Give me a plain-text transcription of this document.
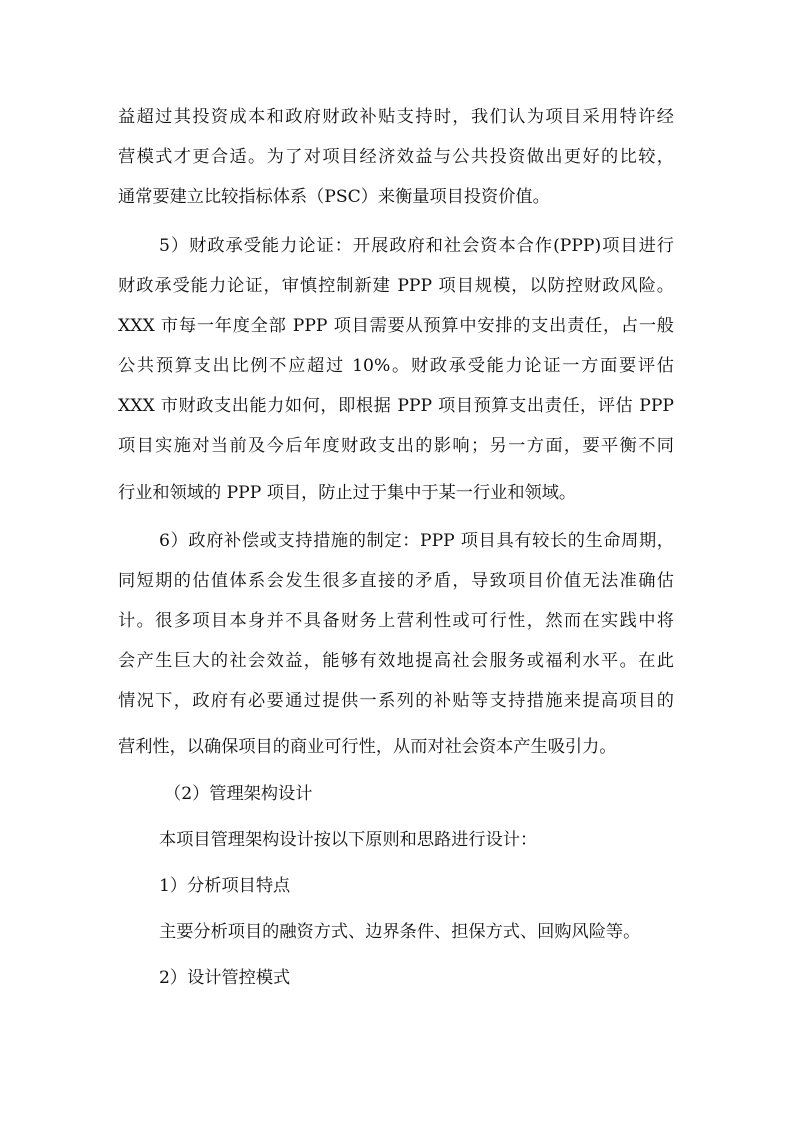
益超过其投资成本和政府财政补贴支持时，我们认为项目采用特许经
营模式才更合适。为了对项目经济效益与公共投资做出更好的比较，
通常要建立比较指标体系（PSC）来衡量项目投资价值。
5）财政承受能力论证：开展政府和社会资本合作(PPP)项目进行
财政承受能力论证，审慎控制新建 PPP 项目规模，以防控财政风险。
XXX 市每一年度全部 PPP 项目需要从预算中安排的支出责任，占一般
公共预算支出比例不应超过 10%。财政承受能力论证一方面要评估
XXX 市财政支出能力如何，即根据 PPP 项目预算支出责任，评估 PPP
项目实施对当前及今后年度财政支出的影响；另一方面，要平衡不同
行业和领域的 PPP 项目，防止过于集中于某一行业和领域。
6）政府补偿或支持措施的制定：PPP 项目具有较长的生命周期，
同短期的估值体系会发生很多直接的矛盾，导致项目价值无法准确估
计。很多项目本身并不具备财务上营利性或可行性，然而在实践中将
会产生巨大的社会效益，能够有效地提高社会服务或福利水平。在此
情况下，政府有必要通过提供一系列的补贴等支持措施来提高项目的
营利性，以确保项目的商业可行性，从而对社会资本产生吸引力。
（2）管理架构设计
本项目管理架构设计按以下原则和思路进行设计：
1）分析项目特点
主要分析项目的融资方式、边界条件、担保方式、回购风险等。
2）设计管控模式
